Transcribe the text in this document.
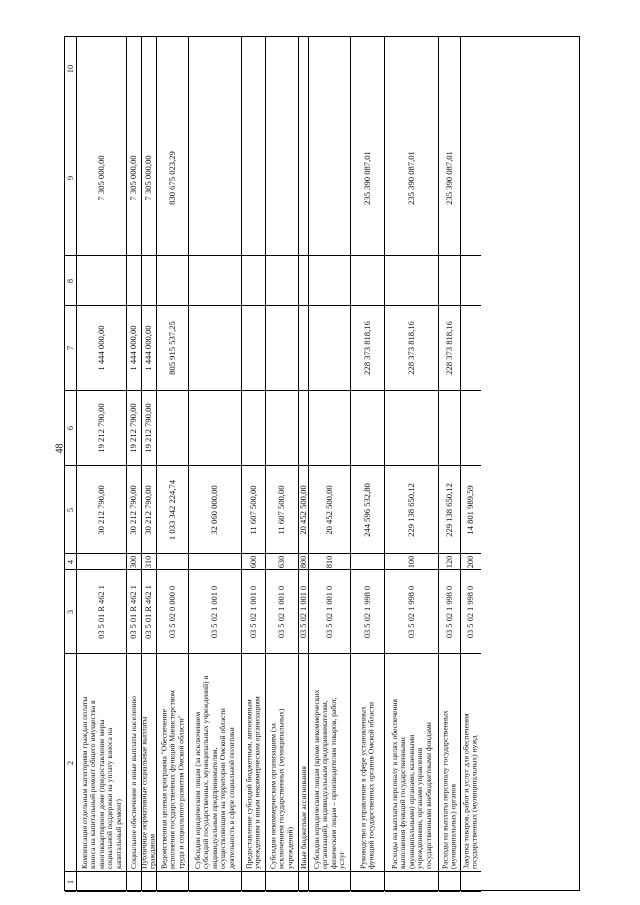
48
1
2
3
4
5
6
7
8
9
10
Компенсация отдельным категориям граждан оплаты
взноса на капитальный ремонт общего имущества в
многоквартирном доме (предоставление меры
социальной поддержки на уплату взноса на
капитальный ремонт)
03 5 01 R 462 1
30 212 790,00
19 212 790,00
1 444 000,00
7 305 000,00
Социальное обеспечение и иные выплаты населению
03 5 01 R 462 1
300
30 212 790,00
19 212 790,00
1 444 000,00
7 305 000,00
Публичные нормативные социальные выплаты
гражданам
03 5 01 R 462 1
310
30 212 790,00
19 212 790,00
1 444 000,00
7 305 000,00
Ведомственная целевая программа "Обеспечение
исполнения государственных функций Министерством
труда и социального развития Омской области"
03 5 02 0 000 0
1 033 342 224,74
805 915 537,25
830 675 023,29
Субсидии юридическим лицам (за исключением
субсидий государственных, муниципальных учреждений) и
индивидуальным предпринимателям,
осуществляющим на территории Омской области
деятельность в сфере социальной политики
03 5 02 1 001 0
32 060 000,00
Предоставление субсидий бюджетным, автономным
учреждениям и иным некоммерческим организациям
03 5 02 1 001 0
600
11 607 500,00
Субсидии некоммерческим организациям (за
исключением государственных (муниципальных)
учреждений)
03 5 02 1 001 0
630
11 607 500,00
Иные бюджетные ассигнования
03 5 02 1 001 0
800
20 452 500,00
Субсидии юридическим лицам (кроме некоммерческих
организаций), индивидуальным предпринимателям,
физическим лицам – производителям товаров, работ,
услуг
03 5 02 1 001 0
810
20 452 500,00
Руководство и управление в сфере установленных
функций государственных органов Омской области
03 5 02 1 998 0
244 596 532,80
228 373 818,16
235 390 087,01
Расходы на выплаты персоналу в целях обеспечения
выполнения функций государственными
(муниципальными) органами, казенными
учреждениями, органами управления
государственными внебюджетными фондами
03 5 02 1 998 0
100
229 138 650,12
228 373 818,16
235 390 087,01
Расходы на выплаты персоналу государственных
(муниципальных) органов
03 5 02 1 998 0
120
229 138 650,12
228 373 818,16
235 390 087,01
Закупка товаров, работ и услуг для обеспечения
государственных (муниципальных) нужд
03 5 02 1 998 0
200
14 801 989,59
